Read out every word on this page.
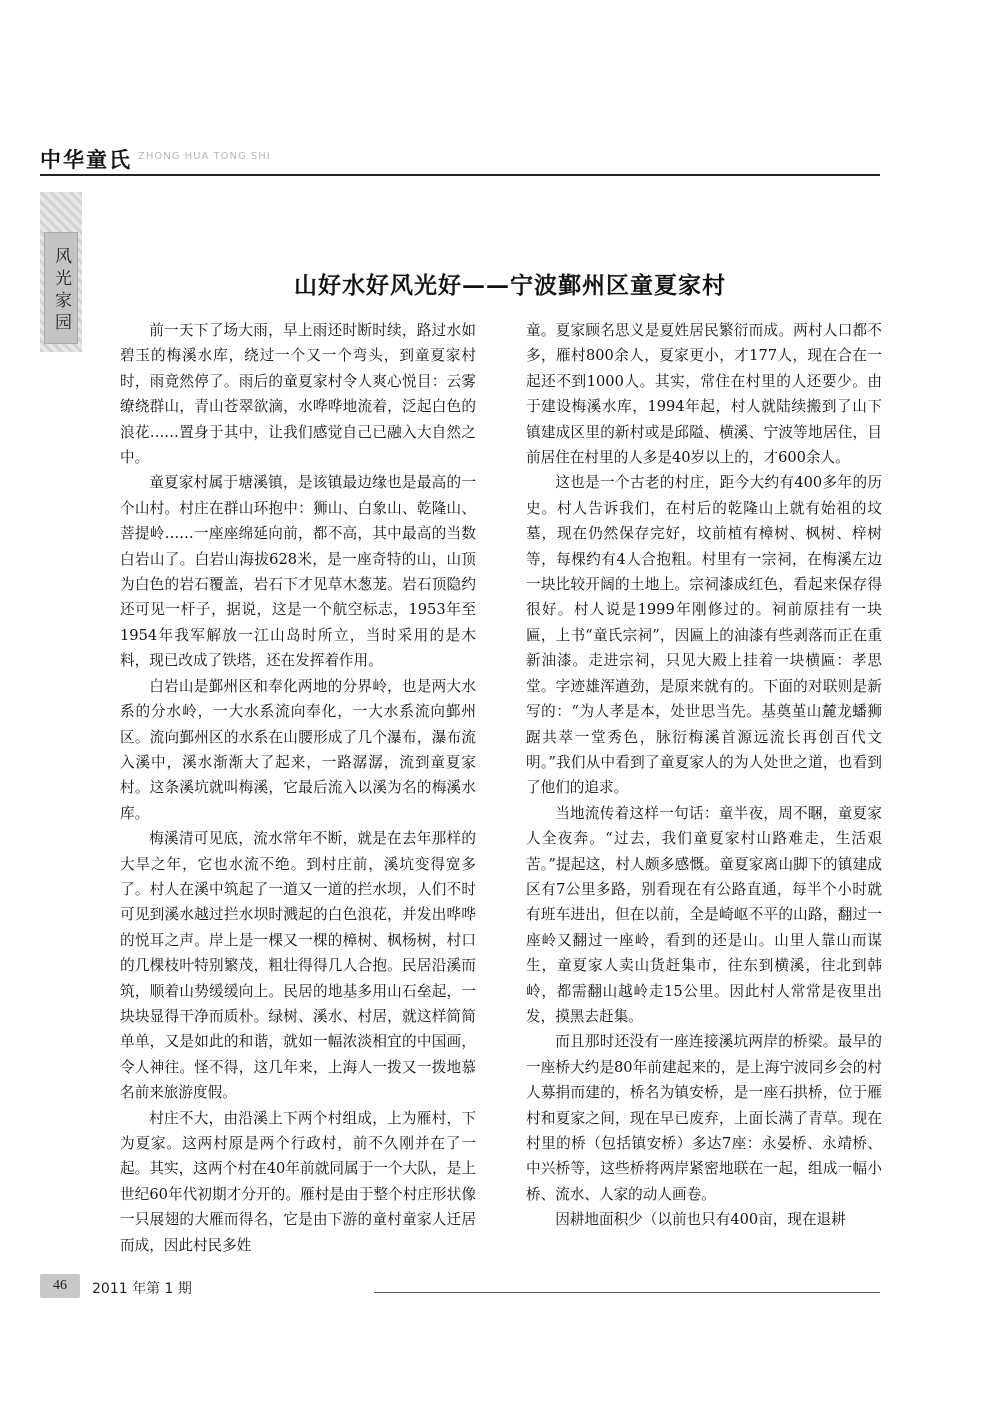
中华童氏 ZHONG HUA TONG SHI
风光家园	山好水好风光好——宁波鄞州区童夏家村

前一天下了场大雨，早上雨还时断时续，路过水如碧玉的梅溪水库，绕过一个又一个弯头，到童夏家村时，雨竟然停了。雨后的童夏家村令人爽心悦目：云雾缭绕群山，青山苍翠欲滴，水哗哗地流着，泛起白色的浪花……置身于其中，让我们感觉自己已融入大自然之中。

童夏家村属于塘溪镇，是该镇最边缘也是最高的一个山村。村庄在群山环抱中：狮山、白象山、乾隆山、菩提岭……一座座绵延向前，都不高，其中最高的当数白岩山了。白岩山海拔628米，是一座奇特的山，山顶为白色的岩石覆盖，岩石下才见草木葱茏。岩石顶隐约还可见一杆子，据说，这是一个航空标志，1953年至1954年我军解放一江山岛时所立，当时采用的是木料，现已改成了铁塔，还在发挥着作用。

白岩山是鄞州区和奉化两地的分界岭，也是两大水系的分水岭，一大水系流向奉化，一大水系流向鄞州区。流向鄞州区的水系在山腰形成了几个瀑布，瀑布流入溪中，溪水渐渐大了起来，一路潺潺，流到童夏家村。这条溪坑就叫梅溪，它最后流入以溪为名的梅溪水库。

梅溪清可见底，流水常年不断，就是在去年那样的大旱之年，它也水流不绝。到村庄前，溪坑变得宽多了。村人在溪中筑起了一道又一道的拦水坝，人们不时可见到溪水越过拦水坝时溅起的白色浪花，并发出哗哗的悦耳之声。岸上是一棵又一棵的樟树、枫杨树，村口的几棵枝叶特别繁茂，粗壮得得几人合抱。民居沿溪而筑，顺着山势缓缓向上。民居的地基多用山石垒起，一块块显得干净而质朴。绿树、溪水、村居，就这样简简单单，又是如此的和谐，就如一幅浓淡相宜的中国画，令人神往。怪不得，这几年来，上海人一拨又一拨地慕名前来旅游度假。

村庄不大，由沿溪上下两个村组成，上为雁村，下为夏家。这两村原是两个行政村，前不久刚并在了一起。其实，这两个村在40年前就同属于一个大队，是上世纪60年代初期才分开的。雁村是由于整个村庄形状像一只展翅的大雁而得名，它是由下游的童村童家人迁居而成，因此村民多姓

童。夏家顾名思义是夏姓居民繁衍而成。两村人口都不多，雁村800余人，夏家更小，才177人，现在合在一起还不到1000人。其实，常住在村里的人还要少。由于建设梅溪水库，1994年起，村人就陆续搬到了山下镇建成区里的新村或是邱隘、横溪、宁波等地居住，目前居住在村里的人多是40岁以上的，才600余人。

这也是一个古老的村庄，距今大约有400多年的历史。村人告诉我们，在村后的乾隆山上就有始祖的坟墓，现在仍然保存完好，坟前植有樟树、枫树、梓树等，每棵约有4人合抱粗。村里有一宗祠，在梅溪左边一块比较开阔的土地上。宗祠漆成红色，看起来保存得很好。村人说是1999年刚修过的。祠前原挂有一块匾，上书“童氏宗祠”，因匾上的油漆有些剥落而正在重新油漆。走进宗祠，只见大殿上挂着一块横匾：孝思堂。字迹雄浑遒劲，是原来就有的。下面的对联则是新写的：“为人孝是本，处世思当先。基奠堇山麓龙蟠狮踞共萃一堂秀色，脉衍梅溪首源远流长再创百代文明。”我们从中看到了童夏家人的为人处世之道，也看到了他们的追求。

当地流传着这样一句话：童半夜，周不睏，童夏家人全夜奔。“过去，我们童夏家村山路难走，生活艰苦。”提起这，村人颇多感慨。童夏家离山脚下的镇建成区有7公里多路，别看现在有公路直通，每半个小时就有班车进出，但在以前，全是崎岖不平的山路，翻过一座岭又翻过一座岭，看到的还是山。山里人靠山而谋生，童夏家人卖山货赶集市，往东到横溪，往北到韩岭，都需翻山越岭走15公里。因此村人常常是夜里出发，摸黑去赶集。

而且那时还没有一座连接溪坑两岸的桥梁。最早的一座桥大约是80年前建起来的，是上海宁波同乡会的村人募捐而建的，桥名为镇安桥，是一座石拱桥，位于雁村和夏家之间，现在早已废弃，上面长满了青草。现在村里的桥（包括镇安桥）多达7座：永晏桥、永靖桥、中兴桥等，这些桥将两岸紧密地联在一起，组成一幅小桥、流水、人家的动人画卷。

因耕地面积少（以前也只有400亩，现在退耕

46	2011 年第 1 期
